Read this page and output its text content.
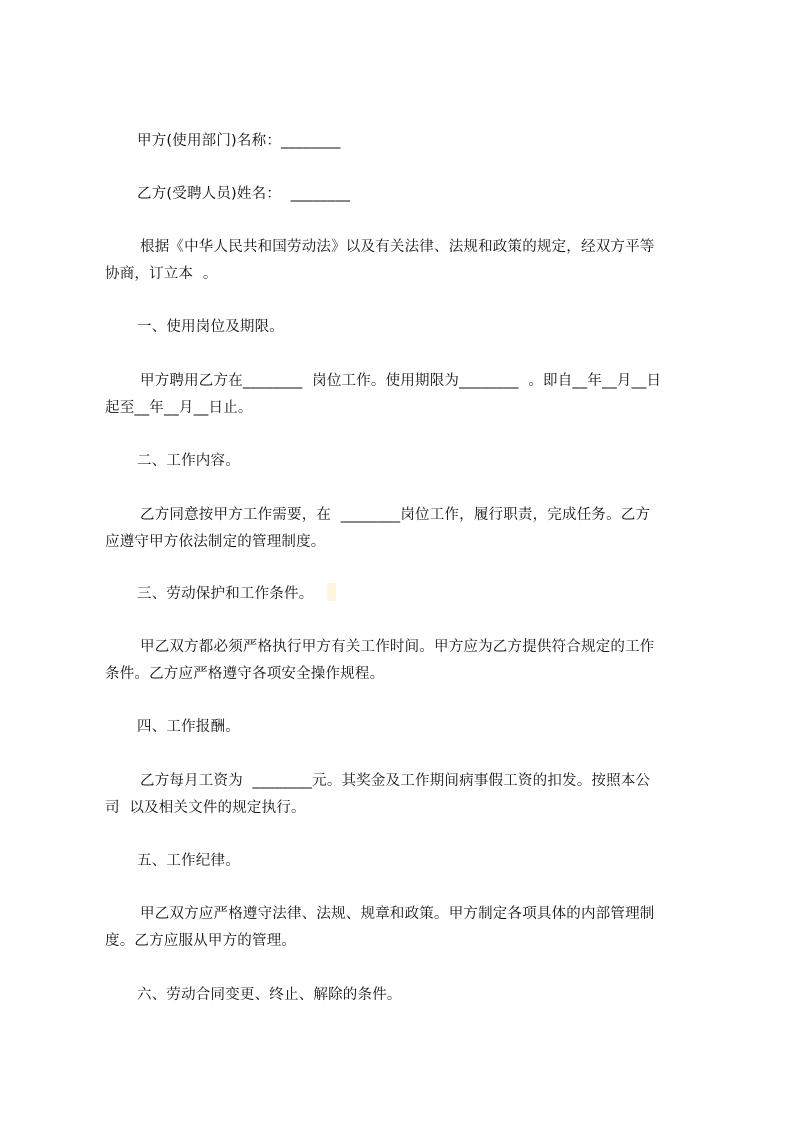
甲方(使用部门)名称：________
乙方(受聘人员)姓名：  ________
根据《中华人民共和国劳动法》以及有关法律、法规和政策的规定，经双方平等
协商，订立本  。
一、使用岗位及期限。
甲方聘用乙方在________  岗位工作。使用期限为________  。即自__年__月__日
起至__年__月__日止。
二、工作内容。
乙方同意按甲方工作需要，在  ________岗位工作，履行职责，完成任务。乙方
应遵守甲方依法制定的管理制度。
三、劳动保护和工作条件。
甲乙双方都必须严格执行甲方有关工作时间。甲方应为乙方提供符合规定的工作
条件。乙方应严格遵守各项安全操作规程。
四、工作报酬。
乙方每月工资为  ________元。其奖金及工作期间病事假工资的扣发。按照本公
司  以及相关文件的规定执行。
五、工作纪律。
甲乙双方应严格遵守法律、法规、规章和政策。甲方制定各项具体的内部管理制
度。乙方应服从甲方的管理。
六、劳动合同变更、终止、解除的条件。
